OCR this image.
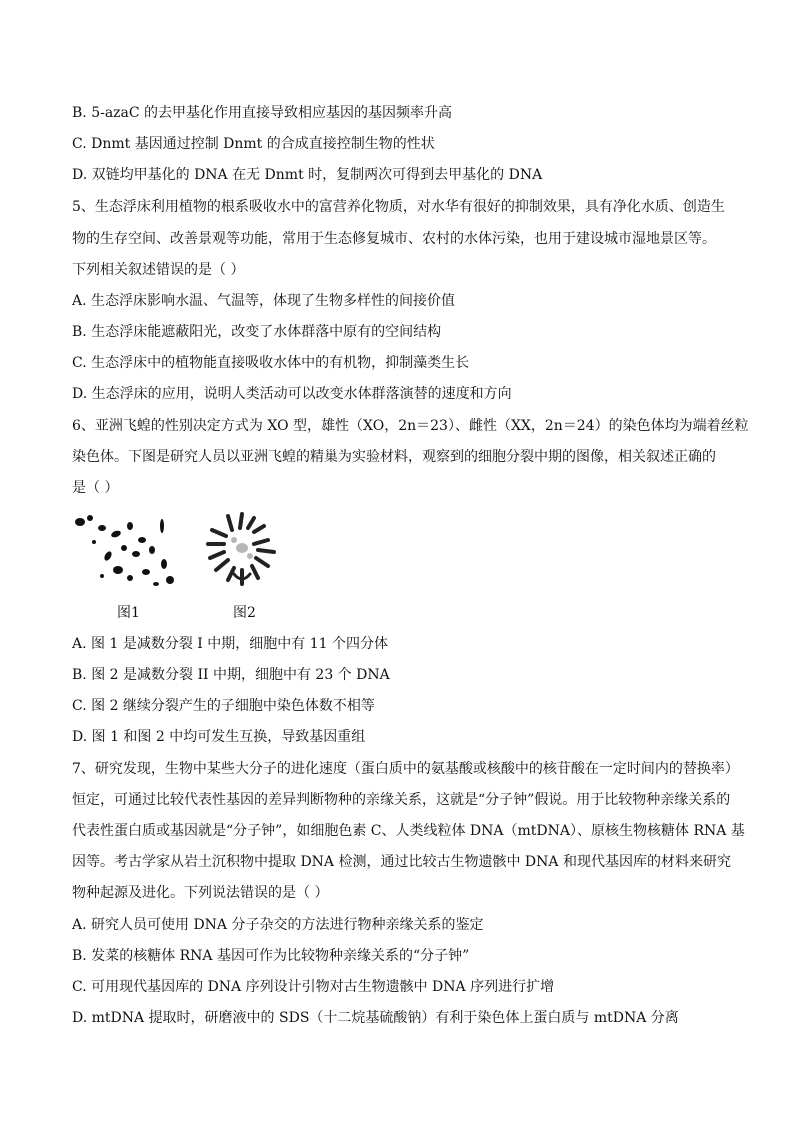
B. 5-azaC 的去甲基化作用直接导致相应基因的基因频率升高
C. Dnmt 基因通过控制 Dnmt 的合成直接控制生物的性状
D. 双链均甲基化的 DNA 在无 Dnmt 时，复制两次可得到去甲基化的 DNA
5、生态浮床利用植物的根系吸收水中的富营养化物质，对水华有很好的抑制效果，具有净化水质、创造生
物的生存空间、改善景观等功能，常用于生态修复城市、农村的水体污染，也用于建设城市湿地景区等。
下列相关叙述错误的是（ ）
A. 生态浮床影响水温、气温等，体现了生物多样性的间接价值
B. 生态浮床能遮蔽阳光，改变了水体群落中原有的空间结构
C. 生态浮床中的植物能直接吸收水体中的有机物，抑制藻类生长
D. 生态浮床的应用，说明人类活动可以改变水体群落演替的速度和方向
6、亚洲飞蝗的性别决定方式为 XO 型，雄性（XO，2n＝23）、雌性（XX，2n＝24）的染色体均为端着丝粒
染色体。下图是研究人员以亚洲飞蝗的精巢为实验材料，观察到的细胞分裂中期的图像，相关叙述正确的
是（ ）
图1	图2
A. 图 1 是减数分裂 I 中期，细胞中有 11 个四分体
B. 图 2 是减数分裂 II 中期，细胞中有 23 个 DNA
C. 图 2 继续分裂产生的子细胞中染色体数不相等
D. 图 1 和图 2 中均可发生互换，导致基因重组
7、研究发现，生物中某些大分子的进化速度（蛋白质中的氨基酸或核酸中的核苷酸在一定时间内的替换率）
恒定，可通过比较代表性基因的差异判断物种的亲缘关系，这就是“分子钟”假说。用于比较物种亲缘关系的
代表性蛋白质或基因就是“分子钟”，如细胞色素 C、人类线粒体 DNA（mtDNA）、原核生物核糖体 RNA 基
因等。考古学家从岩土沉积物中提取 DNA 检测，通过比较古生物遗骸中 DNA 和现代基因库的材料来研究
物种起源及进化。下列说法错误的是（ ）
A. 研究人员可使用 DNA 分子杂交的方法进行物种亲缘关系的鉴定
B. 发菜的核糖体 RNA 基因可作为比较物种亲缘关系的“分子钟”
C. 可用现代基因库的 DNA 序列设计引物对古生物遗骸中 DNA 序列进行扩增
D. mtDNA 提取时，研磨液中的 SDS（十二烷基硫酸钠）有利于染色体上蛋白质与 mtDNA 分离
